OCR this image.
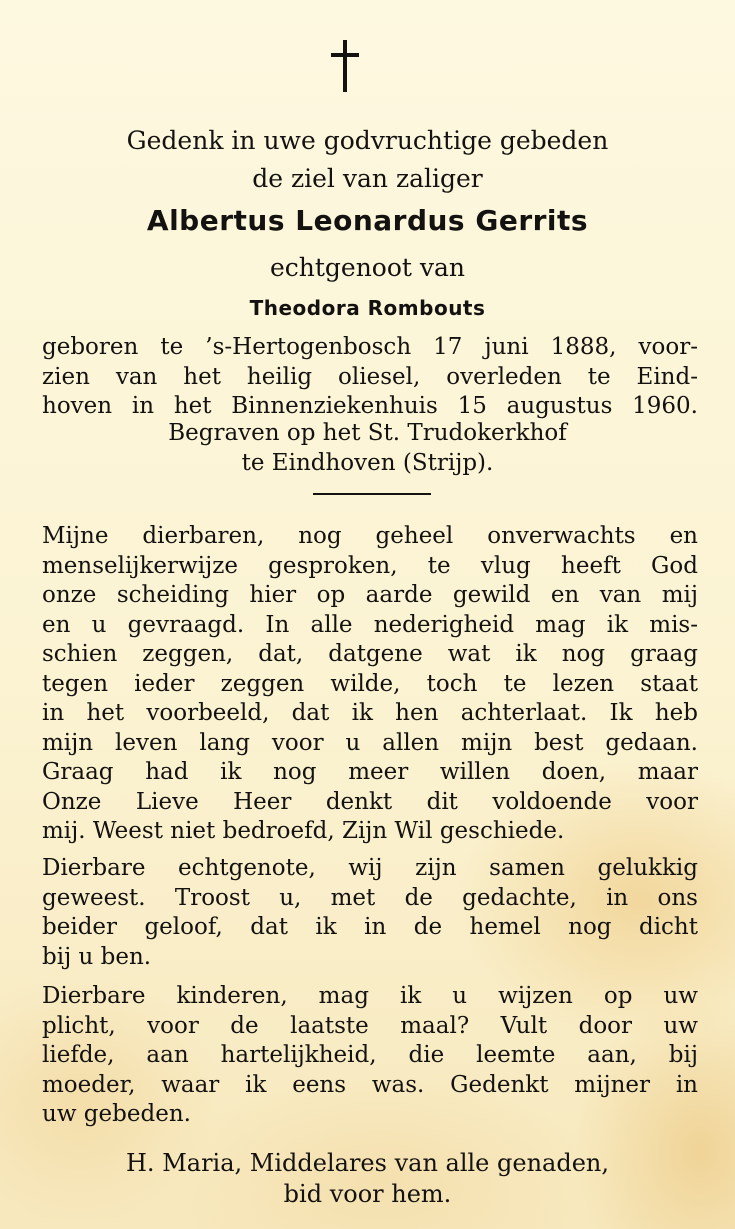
Gedenk in uwe godvruchtige gebeden
de ziel van zaliger
Albertus Leonardus Gerrits
echtgenoot van
Theodora Rombouts
geboren te ’s-Hertogenbosch 17 juni 1888, voor-
zien van het heilig oliesel, overleden te Eind-
hoven in het Binnenziekenhuis 15 augustus 1960.
Begraven op het St. Trudokerkhof
te Eindhoven (Strijp).
Mijne dierbaren, nog geheel onverwachts en
menselijkerwijze gesproken, te vlug heeft God
onze scheiding hier op aarde gewild en van mij
en u gevraagd. In alle nederigheid mag ik mis-
schien zeggen, dat, datgene wat ik nog graag
tegen ieder zeggen wilde, toch te lezen staat
in het voorbeeld, dat ik hen achterlaat. Ik heb
mijn leven lang voor u allen mijn best gedaan.
Graag had ik nog meer willen doen, maar
Onze Lieve Heer denkt dit voldoende voor
mij. Weest niet bedroefd, Zijn Wil geschiede.
Dierbare echtgenote, wij zijn samen gelukkig
geweest. Troost u, met de gedachte, in ons
beider geloof, dat ik in de hemel nog dicht
bij u ben.
Dierbare kinderen, mag ik u wijzen op uw
plicht, voor de laatste maal? Vult door uw
liefde, aan hartelijkheid, die leemte aan, bij
moeder, waar ik eens was. Gedenkt mijner in
uw gebeden.
H. Maria, Middelares van alle genaden,
bid voor hem.
